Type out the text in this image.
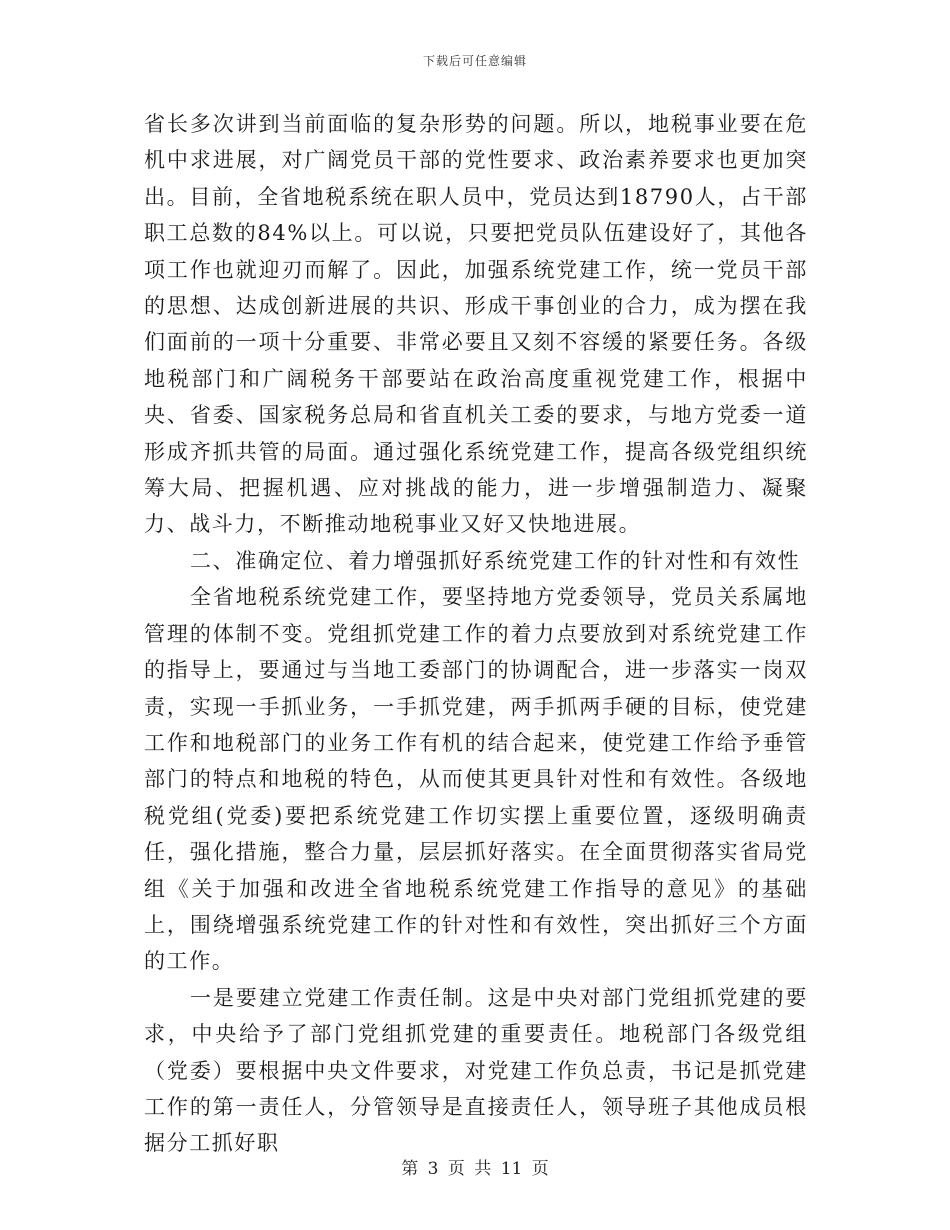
下载后可任意编辑

省长多次讲到当前面临的复杂形势的问题。所以，地税事业要在危机中求进展，对广阔党员干部的党性要求、政治素养要求也更加突出。目前，全省地税系统在职人员中，党员达到18790人，占干部职工总数的84%以上。可以说，只要把党员队伍建设好了，其他各项工作也就迎刃而解了。因此，加强系统党建工作，统一党员干部的思想、达成创新进展的共识、形成干事创业的合力，成为摆在我们面前的一项十分重要、非常必要且又刻不容缓的紧要任务。各级地税部门和广阔税务干部要站在政治高度重视党建工作，根据中央、省委、国家税务总局和省直机关工委的要求，与地方党委一道形成齐抓共管的局面。通过强化系统党建工作，提高各级党组织统筹大局、把握机遇、应对挑战的能力，进一步增强制造力、凝聚力、战斗力，不断推动地税事业又好又快地进展。

二、准确定位、着力增强抓好系统党建工作的针对性和有效性

全省地税系统党建工作，要坚持地方党委领导，党员关系属地管理的体制不变。党组抓党建工作的着力点要放到对系统党建工作的指导上，要通过与当地工委部门的协调配合，进一步落实一岗双责，实现一手抓业务，一手抓党建，两手抓两手硬的目标，使党建工作和地税部门的业务工作有机的结合起来，使党建工作给予垂管部门的特点和地税的特色，从而使其更具针对性和有效性。各级地税党组(党委)要把系统党建工作切实摆上重要位置，逐级明确责任，强化措施，整合力量，层层抓好落实。在全面贯彻落实省局党组《关于加强和改进全省地税系统党建工作指导的意见》的基础上，围绕增强系统党建工作的针对性和有效性，突出抓好三个方面的工作。

一是要建立党建工作责任制。这是中央对部门党组抓党建的要求，中央给予了部门党组抓党建的重要责任。地税部门各级党组（党委）要根据中央文件要求，对党建工作负总责，书记是抓党建工作的第一责任人，分管领导是直接责任人，领导班子其他成员根据分工抓好职

第 3 页 共 11 页
